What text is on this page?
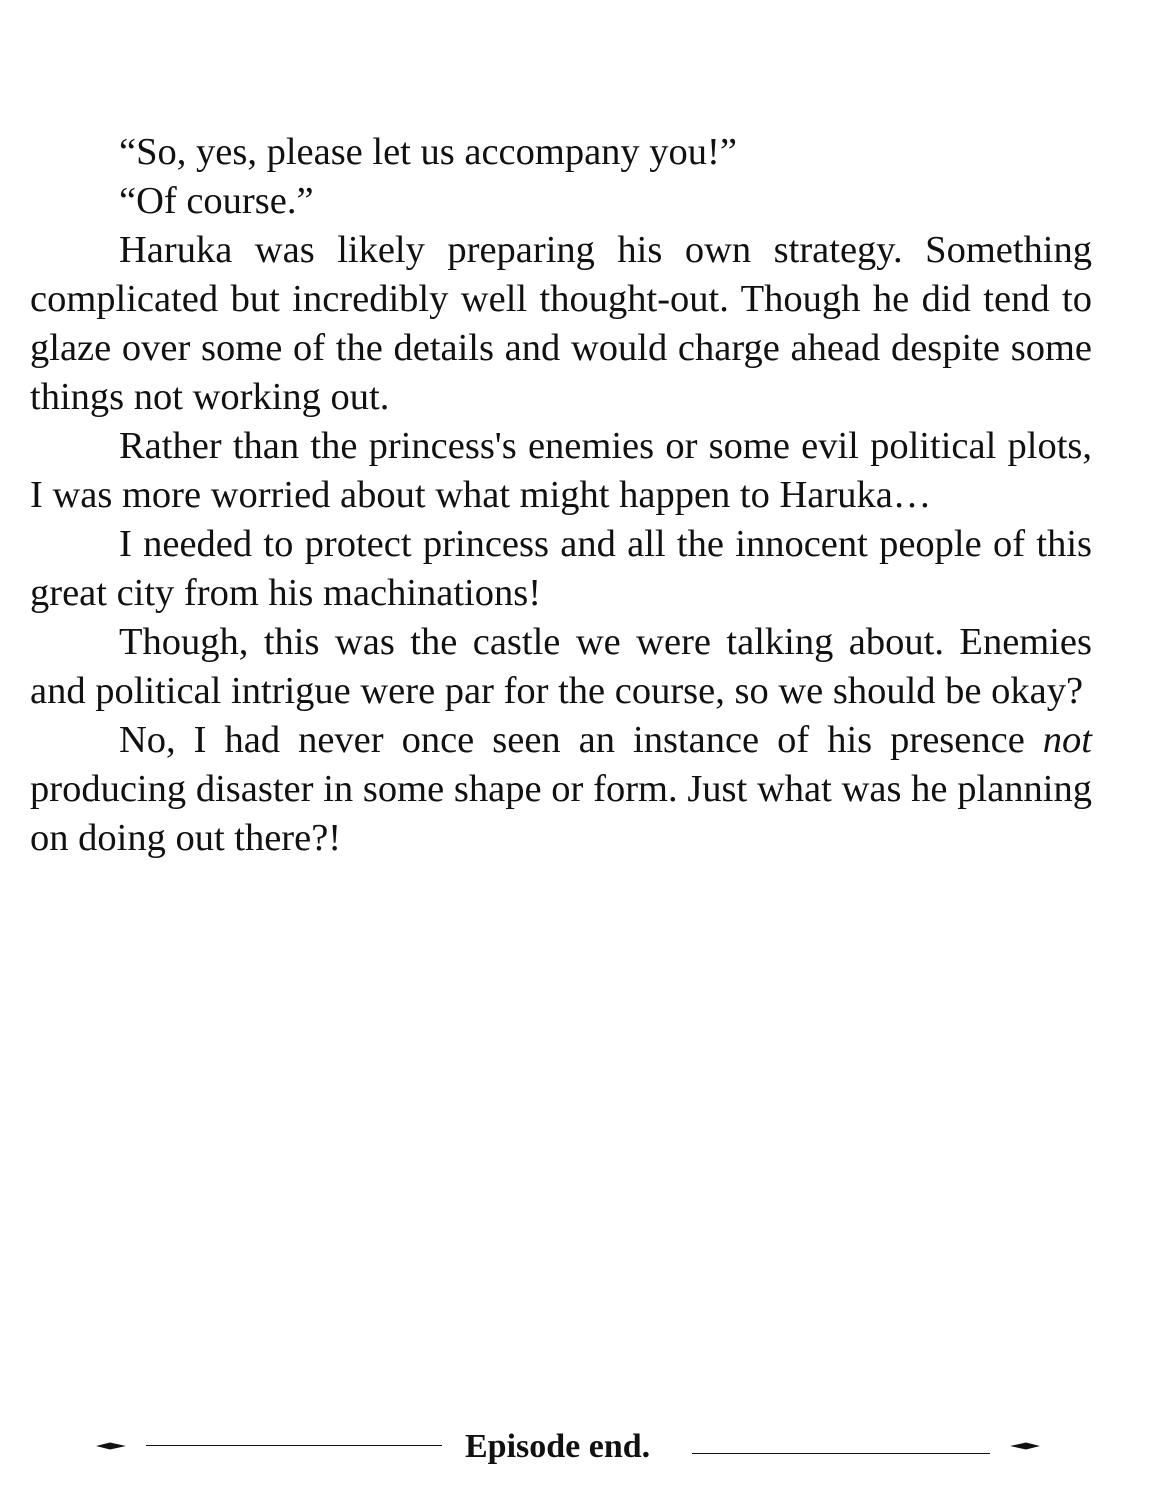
“So, yes, please let us accompany you!”

“Of course.”

Haruka was likely preparing his own strategy. Something complicated but incredibly well thought-out. Though he did tend to glaze over some of the details and would charge ahead despite some things not working out.

Rather than the princess's enemies or some evil political plots, I was more worried about what might happen to Haruka…

I needed to protect princess and all the innocent people of this great city from his machinations!

Though, this was the castle we were talking about. Enemies and political intrigue were par for the course, so we should be okay?

No, I had never once seen an instance of his presence not producing disaster in some shape or form. Just what was he planning on doing out there?!

Episode end.
